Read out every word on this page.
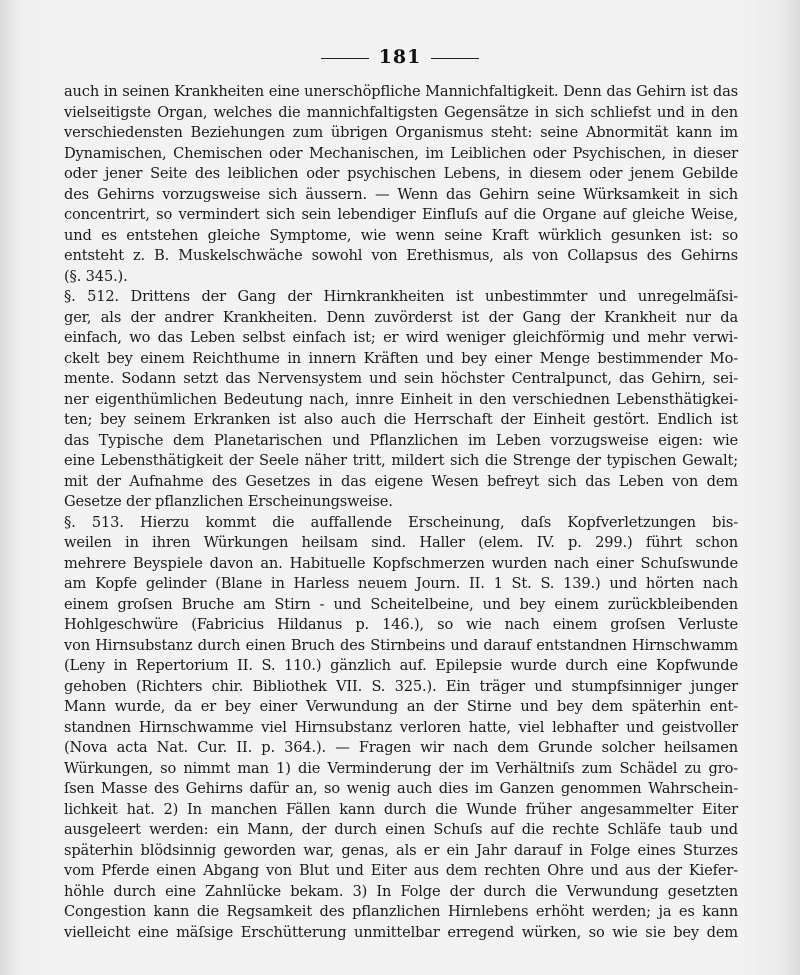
181
auch in seinen Krankheiten eine unerschöpfliche Mannichfaltigkeit. Denn das Gehirn ist das
vielseitigste Organ, welches die mannichfaltigsten Gegensätze in sich schliefst und in den
verschiedensten Beziehungen zum übrigen Organismus steht: seine Abnormität kann im
Dynamischen, Chemischen oder Mechanischen, im Leiblichen oder Psychischen, in dieser
oder jener Seite des leiblichen oder psychischen Lebens, in diesem oder jenem Gebilde
des Gehirns vorzugsweise sich äussern. — Wenn das Gehirn seine Würksamkeit in sich
concentrirt, so vermindert sich sein lebendiger Einfluſs auf die Organe auf gleiche Weise,
und es entstehen gleiche Symptome, wie wenn seine Kraft würklich gesunken ist: so
entsteht z. B. Muskelschwäche sowohl von Erethismus, als von Collapsus des Gehirns
(§. 345.).
§. 512. Drittens der Gang der Hirnkrankheiten ist unbestimmter und unregelmäſsi-
ger, als der andrer Krankheiten. Denn zuvörderst ist der Gang der Krankheit nur da
einfach, wo das Leben selbst einfach ist; er wird weniger gleichförmig und mehr verwi-
ckelt bey einem Reichthume in innern Kräften und bey einer Menge bestimmender Mo-
mente. Sodann setzt das Nervensystem und sein höchster Centralpunct, das Gehirn, sei-
ner eigenthümlichen Bedeutung nach, innre Einheit in den verschiednen Lebensthätigkei-
ten; bey seinem Erkranken ist also auch die Herrschaft der Einheit gestört. Endlich ist
das Typische dem Planetarischen und Pflanzlichen im Leben vorzugsweise eigen: wie
eine Lebensthätigkeit der Seele näher tritt, mildert sich die Strenge der typischen Gewalt;
mit der Aufnahme des Gesetzes in das eigene Wesen befreyt sich das Leben von dem
Gesetze der pflanzlichen Erscheinungsweise.
§. 513. Hierzu kommt die auffallende Erscheinung, daſs Kopfverletzungen bis-
weilen in ihren Würkungen heilsam sind. Haller (elem. IV. p. 299.) führt schon
mehrere Beyspiele davon an. Habituelle Kopfschmerzen wurden nach einer Schuſswunde
am Kopfe gelinder (Blane in Harless neuem Journ. II. 1 St. S. 139.) und hörten nach
einem groſsen Bruche am Stirn - und Scheitelbeine, und bey einem zurückbleibenden
Hohlgeschwüre (Fabricius Hildanus p. 146.), so wie nach einem groſsen Verluste
von Hirnsubstanz durch einen Bruch des Stirnbeins und darauf entstandnen Hirnschwamm
(Leny in Repertorium II. S. 110.) gänzlich auf. Epilepsie wurde durch eine Kopfwunde
gehoben (Richters chir. Bibliothek VII. S. 325.). Ein träger und stumpfsinniger junger
Mann wurde, da er bey einer Verwundung an der Stirne und bey dem späterhin ent-
standnen Hirnschwamme viel Hirnsubstanz verloren hatte, viel lebhafter und geistvoller
(Nova acta Nat. Cur. II. p. 364.). — Fragen wir nach dem Grunde solcher heilsamen
Würkungen, so nimmt man 1) die Verminderung der im Verhältniſs zum Schädel zu gro-
ſsen Masse des Gehirns dafür an, so wenig auch dies im Ganzen genommen Wahrschein-
lichkeit hat. 2) In manchen Fällen kann durch die Wunde früher angesammelter Eiter
ausgeleert werden: ein Mann, der durch einen Schuſs auf die rechte Schläfe taub und
späterhin blödsinnig geworden war, genas, als er ein Jahr darauf in Folge eines Sturzes
vom Pferde einen Abgang von Blut und Eiter aus dem rechten Ohre und aus der Kiefer-
höhle durch eine Zahnlücke bekam. 3) In Folge der durch die Verwundung gesetzten
Congestion kann die Regsamkeit des pflanzlichen Hirnlebens erhöht werden; ja es kann
vielleicht eine mäſsige Erschütterung unmittelbar erregend würken, so wie sie bey dem
